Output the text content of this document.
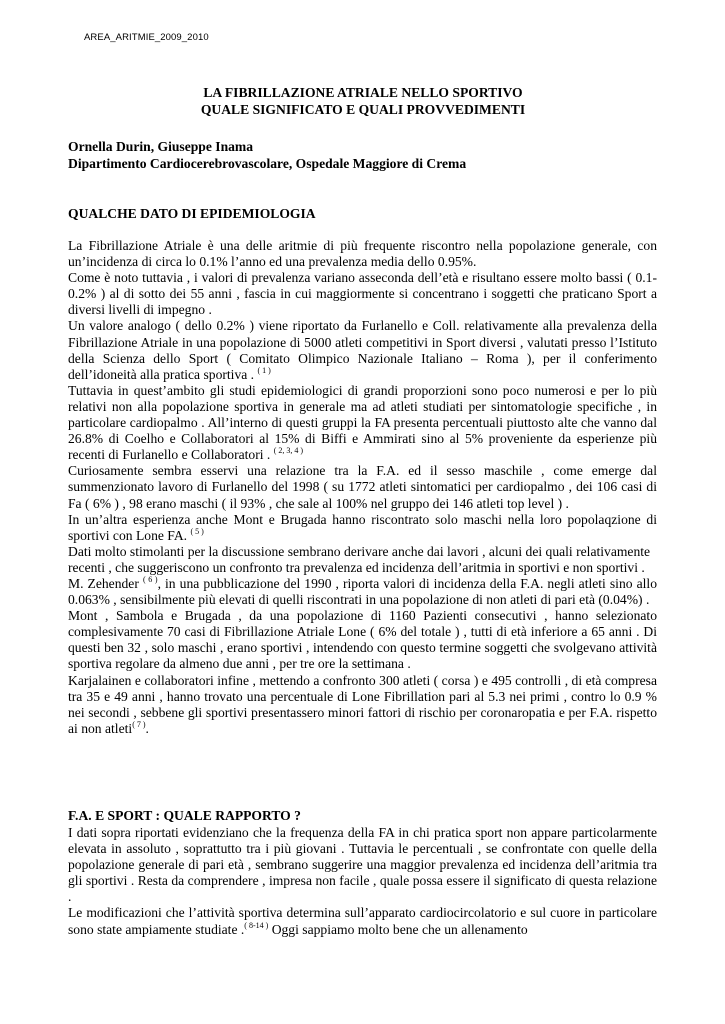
AREA_ARITMIE_2009_2010
LA FIBRILLAZIONE ATRIALE NELLO SPORTIVO
QUALE SIGNIFICATO E QUALI PROVVEDIMENTI
Ornella Durin, Giuseppe Inama
Dipartimento Cardiocerebrovascolare, Ospedale Maggiore di Crema
QUALCHE DATO DI EPIDEMIOLOGIA

La Fibrillazione Atriale è una delle aritmie di più frequente riscontro nella popolazione generale, con un’incidenza di circa lo 0.1% l’anno ed una prevalenza media dello 0.95%.

Come è noto tuttavia , i valori di prevalenza variano asseconda dell’età e risultano essere molto bassi ( 0.1-0.2% ) al di sotto dei 55 anni , fascia in cui maggiormente si concentrano i soggetti che praticano Sport a diversi livelli di impegno .

Un valore analogo ( dello 0.2% ) viene riportato da Furlanello e Coll. relativamente alla prevalenza della Fibrillazione Atriale in una popolazione di 5000 atleti competitivi in Sport diversi , valutati presso l’Istituto della Scienza dello Sport ( Comitato Olimpico Nazionale Italiano – Roma ), per il conferimento dell’idoneità alla pratica sportiva . $^{( 1 )}$

Tuttavia in quest’ambito gli studi epidemiologici di grandi proporzioni sono poco numerosi e per lo più relativi non alla popolazione sportiva in generale ma ad atleti studiati per sintomatologie specifiche , in particolare cardiopalmo . All’interno di questi gruppi la FA presenta percentuali piuttosto alte che vanno dal 26.8% di Coelho e Collaboratori al 15% di Biffi e Ammirati sino al 5% proveniente da esperienze più recenti di Furlanello e Collaboratori . $^{( 2, 3, 4 )}$

Curiosamente sembra esservi una relazione tra la F.A. ed il sesso maschile , come emerge dal summenzionato lavoro di Furlanello del 1998 ( su 1772 atleti sintomatici per cardiopalmo , dei 106 casi di Fa ( 6% ) , 98 erano maschi ( il 93% , che sale al 100% nel gruppo dei 146 atleti top level ) .

In un’altra esperienza anche Mont e Brugada hanno riscontrato solo maschi nella loro popolaqzione di sportivi con Lone FA. $^{( 5 )}$

Dati molto stimolanti per la discussione sembrano derivare anche dai lavori , alcuni dei quali relativamente recenti , che suggeriscono un confronto tra prevalenza ed incidenza dell’aritmia in sportivi e non sportivi .

M. Zehender $^{( 6 )}$, in una pubblicazione del 1990 , riporta valori di incidenza della F.A. negli atleti sino allo 0.063% , sensibilmente più elevati di quelli riscontrati in una popolazione di non atleti di pari età (0.04%) .

Mont , Sambola e Brugada , da una popolazione di 1160 Pazienti consecutivi , hanno selezionato complesivamente 70 casi di Fibrillazione Atriale Lone ( 6% del totale ) , tutti di età inferiore a 65 anni . Di questi ben 32 , solo maschi , erano sportivi , intendendo con questo termine soggetti che svolgevano attività sportiva regolare da almeno due anni , per tre ore la settimana .

Karjalainen e collaboratori infine , mettendo a confronto 300 atleti ( corsa ) e 495 controlli , di età compresa tra 35 e 49 anni , hanno trovato una percentuale di Lone Fibrillation pari al 5.3 nei primi , contro lo 0.9 % nei secondi , sebbene gli sportivi presentassero minori fattori di rischio per coronaropatia e per F.A. rispetto ai non atleti$^{( 7 )}$.

F.A. E SPORT : QUALE RAPPORTO ?

I dati sopra riportati evidenziano che la frequenza della FA in chi pratica sport non appare particolarmente elevata in assoluto , soprattutto tra i più giovani . Tuttavia le percentuali , se confrontate con quelle della popolazione generale di pari età , sembrano suggerire una maggior prevalenza ed incidenza dell’aritmia tra gli sportivi . Resta da comprendere , impresa non facile , quale possa essere il significato di questa relazione .

Le modificazioni che l’attività sportiva determina sull’apparato cardiocircolatorio e sul cuore in particolare sono state ampiamente studiate .$^{( 8-14 )}$ Oggi sappiamo molto bene che un allenamento
